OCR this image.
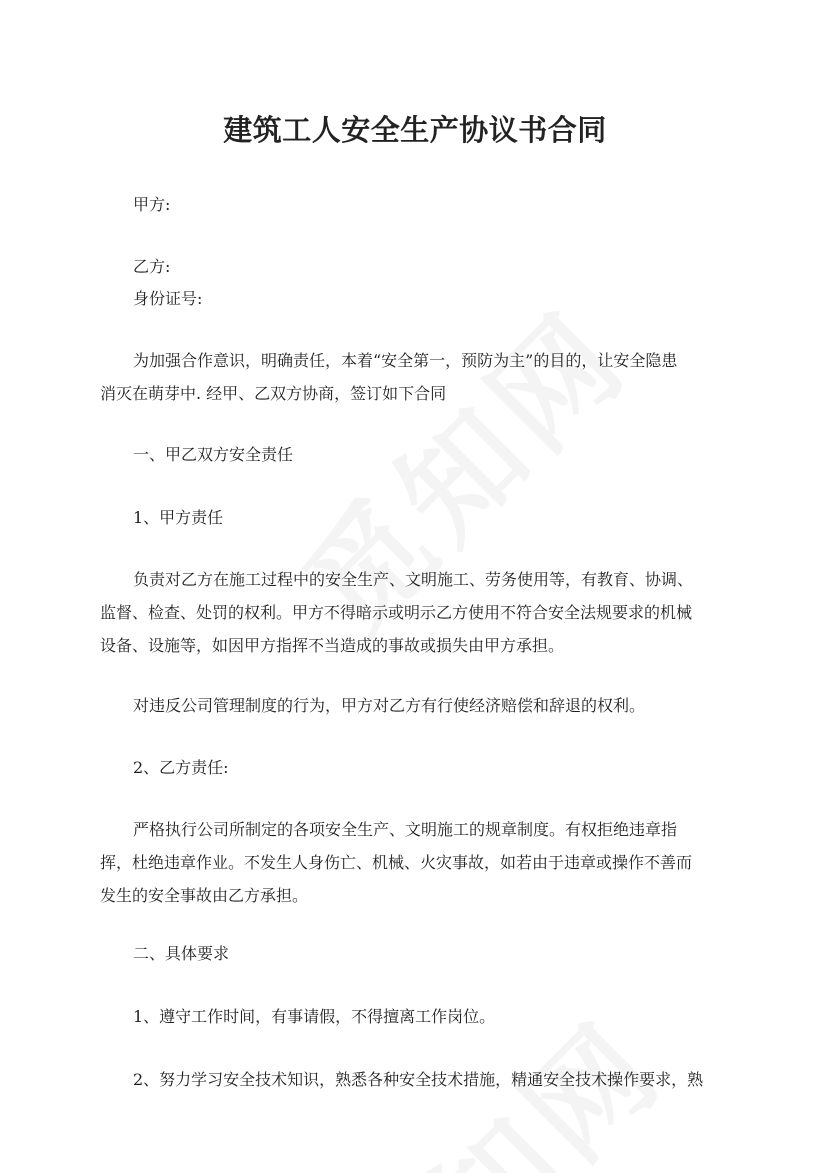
建筑工人安全生产协议书合同

甲方:

乙方:

身份证号:

为加强合作意识，明确责任，本着“安全第一，预防为主”的目的，让安全隐患

消灭在萌芽中. 经甲、乙双方协商，签订如下合同

一、甲乙双方安全责任

1、甲方责任

负责对乙方在施工过程中的安全生产、文明施工、劳务使用等，有教育、协调、

监督、检查、处罚的权利。甲方不得暗示或明示乙方使用不符合安全法规要求的机械

设备、设施等，如因甲方指挥不当造成的事故或损失由甲方承担。

对违反公司管理制度的行为，甲方对乙方有行使经济赔偿和辞退的权利。

2、乙方责任:

严格执行公司所制定的各项安全生产、文明施工的规章制度。有权拒绝违章指

挥，杜绝违章作业。不发生人身伤亡、机械、火灾事故，如若由于违章或操作不善而

发生的安全事故由乙方承担。

二、具体要求

1、遵守工作时间，有事请假，不得擅离工作岗位。

2、努力学习安全技术知识，熟悉各种安全技术措施，精通安全技术操作要求，熟
